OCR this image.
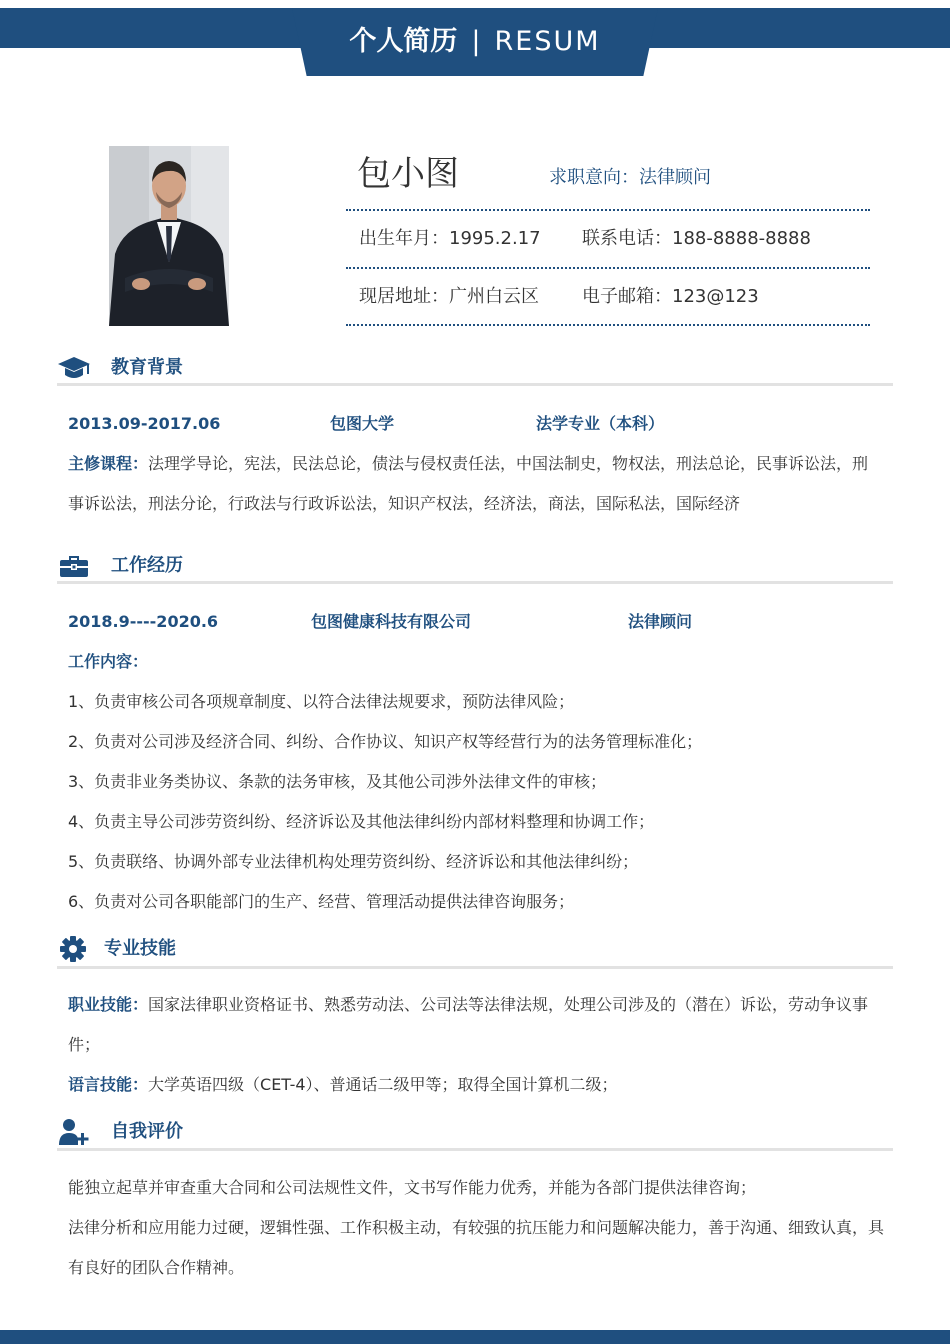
个人简历 | RESUM
包小图	求职意向：法律顾问
出生年月：1995.2.17 联系电话：188-8888-8888
现居地址：广州白云区 电子邮箱：123@123
教育背景
2013.09-2017.06	包图大学	法学专业（本科）
主修课程：法理学导论，宪法，民法总论，债法与侵权责任法，中国法制史，物权法，刑法总论，民事诉讼法，刑事诉讼法，刑法分论，行政法与行政诉讼法，知识产权法，经济法，商法，国际私法，国际经济
工作经历
2018.9----2020.6	包图健康科技有限公司	法律顾问
工作内容：
1、负责审核公司各项规章制度、以符合法律法规要求，预防法律风险；
2、负责对公司涉及经济合同、纠纷、合作协议、知识产权等经营行为的法务管理标准化；
3、负责非业务类协议、条款的法务审核，及其他公司涉外法律文件的审核；
4、负责主导公司涉劳资纠纷、经济诉讼及其他法律纠纷内部材料整理和协调工作；
5、负责联络、协调外部专业法律机构处理劳资纠纷、经济诉讼和其他法律纠纷；
6、负责对公司各职能部门的生产、经营、管理活动提供法律咨询服务；
专业技能
职业技能：国家法律职业资格证书、熟悉劳动法、公司法等法律法规，处理公司涉及的（潜在）诉讼，劳动争议事件；
语言技能：大学英语四级（CET-4）、普通话二级甲等；取得全国计算机二级；
自我评价
能独立起草并审查重大合同和公司法规性文件，文书写作能力优秀，并能为各部门提供法律咨询；
法律分析和应用能力过硬，逻辑性强、工作积极主动，有较强的抗压能力和问题解决能力，善于沟通、细致认真，具有良好的团队合作精神。
